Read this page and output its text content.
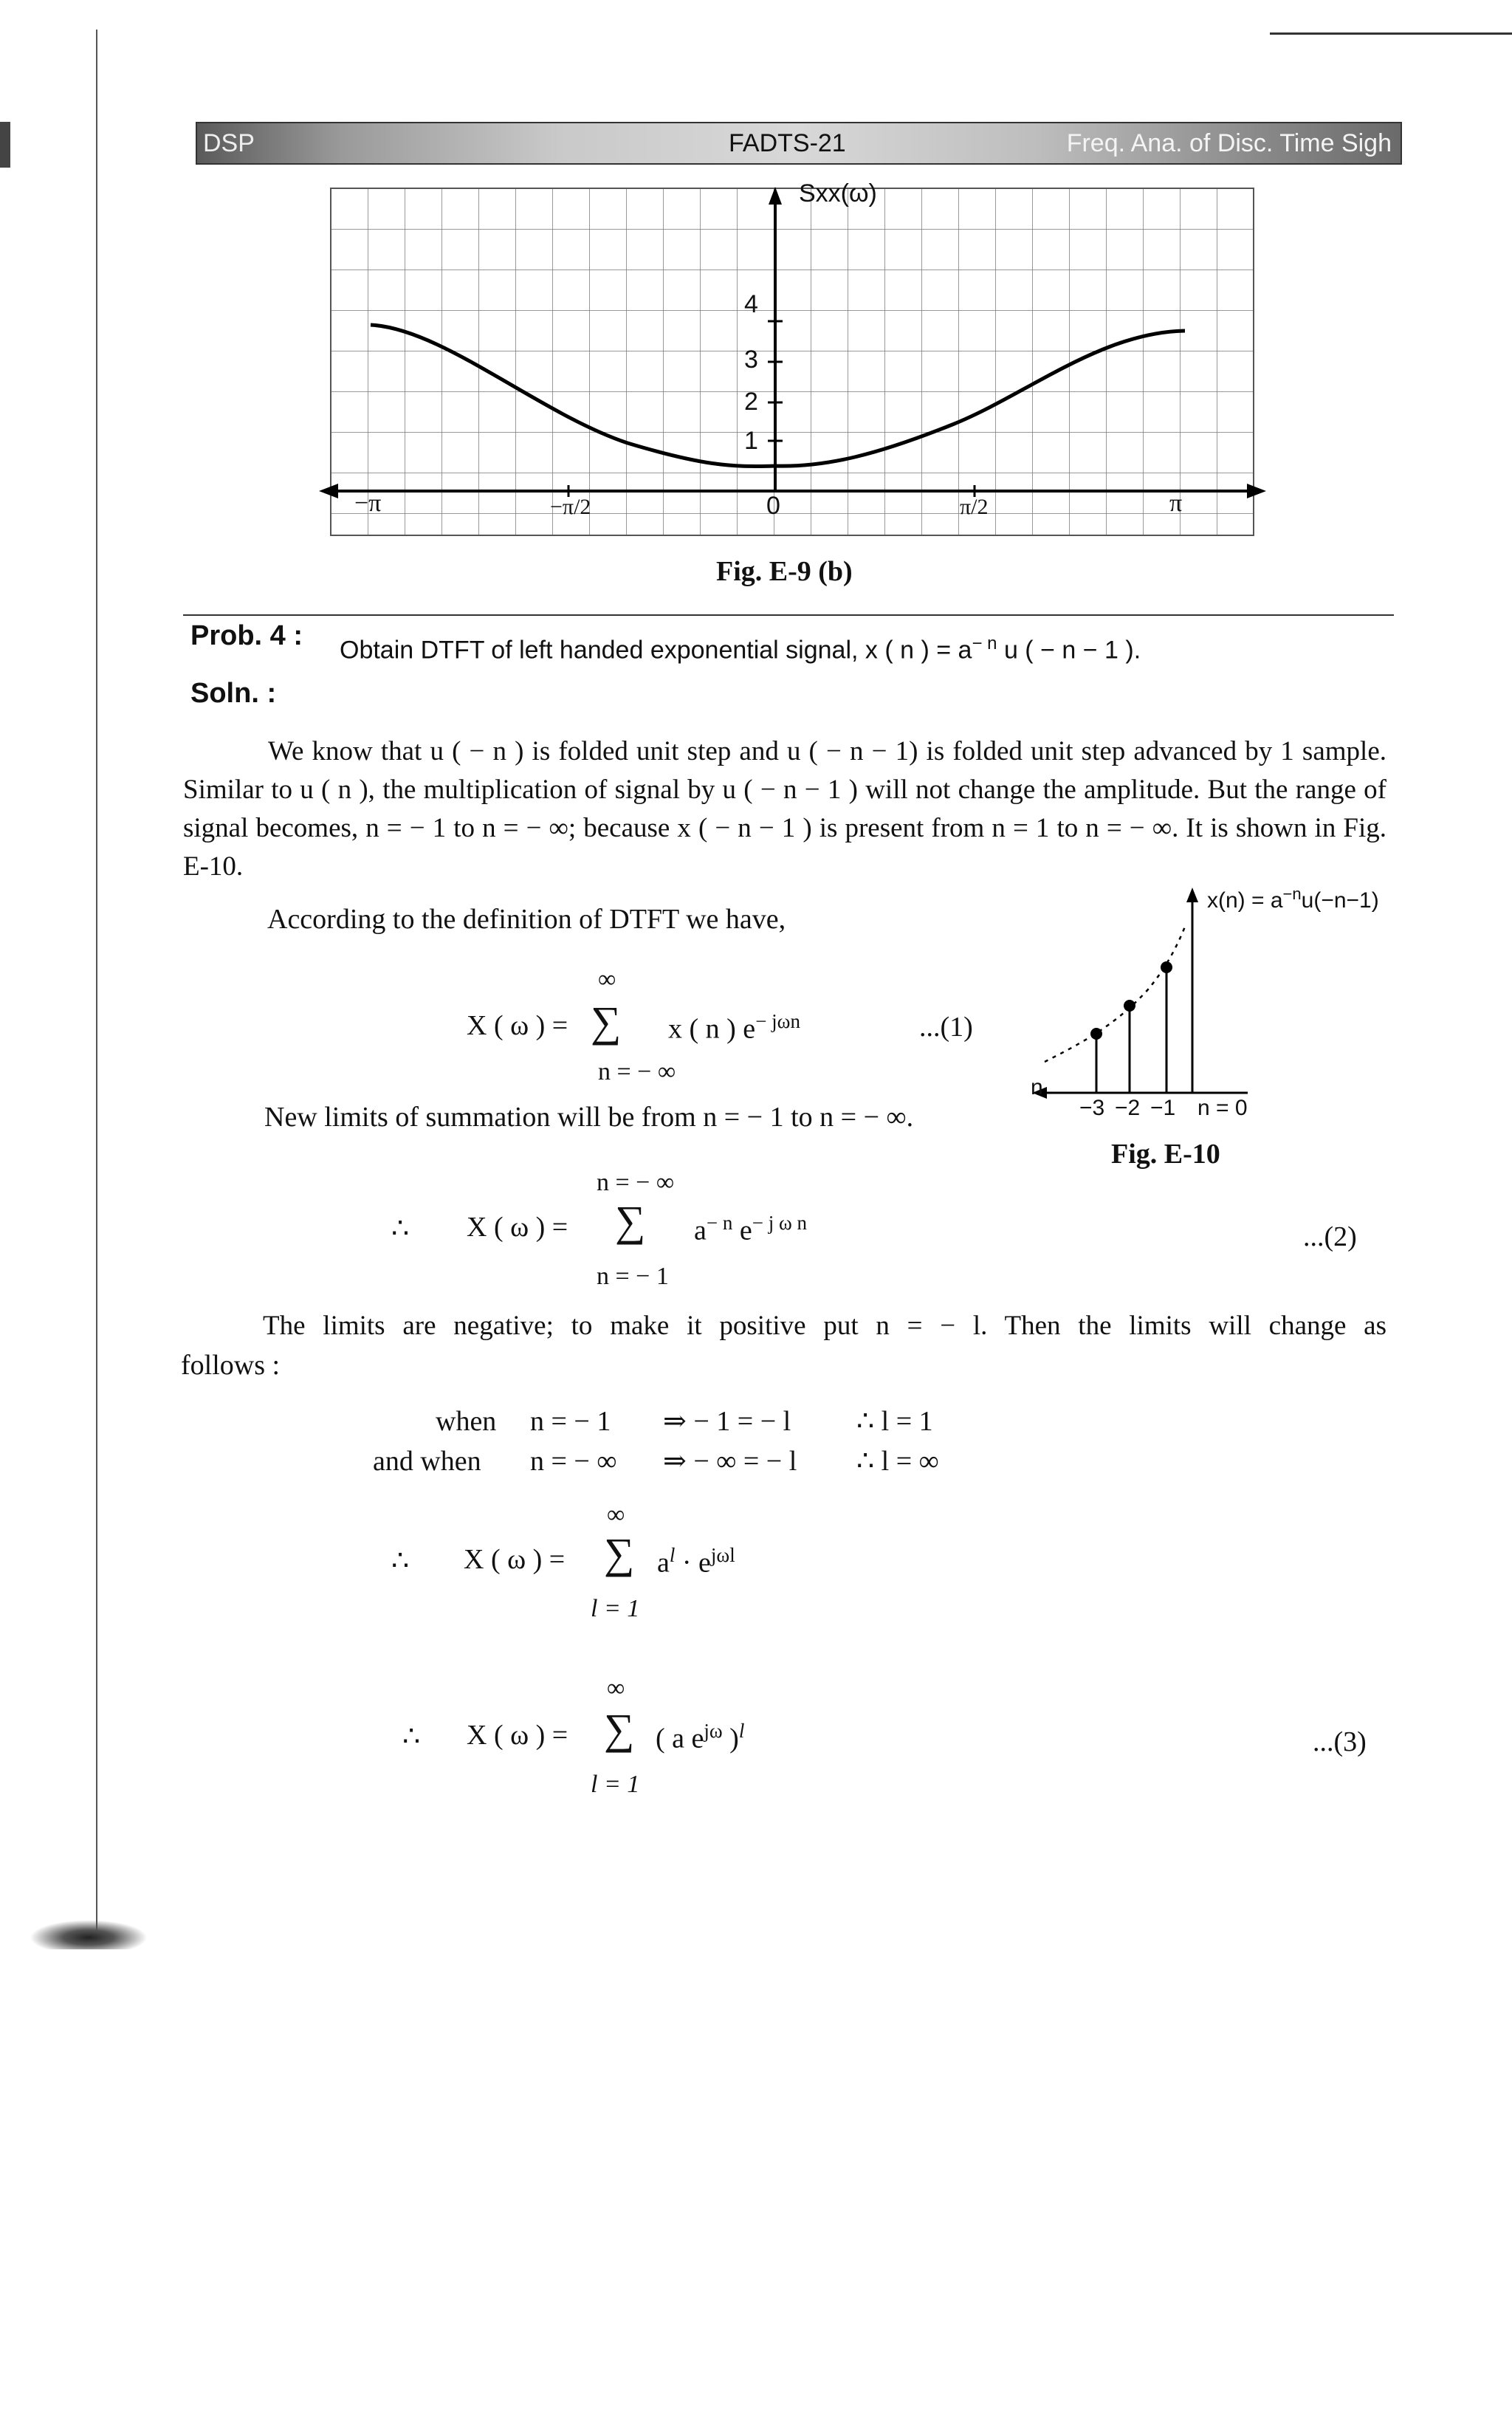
DSP	FADTS-21	Freq. Ana. of Disc. Time Sigh
Sxx(ω)
4
3
2
1
−π	−π/2	0	π/2	π
Fig. E-9 (b)
Prob. 4 : Obtain DTFT of left handed exponential signal, x ( n ) = $a^{- n}$ u ( − n − 1 ).
Soln. :
We know that u ( − n ) is folded unit step and u ( − n − 1) is folded unit step advanced by 1 sample. Similar to u ( n ), the multiplication of signal by u ( − n − 1 ) will not change the amplitude. But the range of signal becomes, n = − 1 to n = − ∞; because x ( − n − 1 ) is present from n = 1 to n = − ∞. It is shown in Fig. E-10.
According to the definition of DTFT we have,
X ( ω ) =
∞
∑
n = − ∞
x ( n ) $e^{- j\omega n}$	...(1)
New limits of summation will be from n = − 1 to n = − ∞.
$x(n) = a^{-n}u(-n-1)$
n
−3 −2 −1 n = 0
Fig. E-10
n = − ∞
∴ X ( ω ) = ∑ $a^{- n}$ $e^{- j \omega n}$
n = − 1
...(2)
The limits are negative; to make it positive put n = − l. Then the limits will change as
follows :
when n = − 1 ⇒ − 1 = − l ∴ l = 1
and when n = − ∞ ⇒ − ∞ = − l ∴ l = ∞
∞
∴ X ( ω ) = ∑ $a^l \cdot e^{j\omega l}$
l = 1
∞
∴ X ( ω ) = ∑ ( a $e^{j\omega}$ )$^l$
l = 1
...(3)
